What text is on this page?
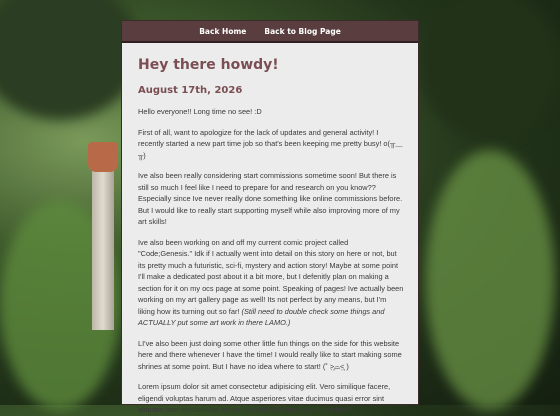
Back Home Back to Blog Page
Hey there howdy!
August 17th, 2026

Hello everyone!! Long time no see! :D

First of all, want to apologize for the lack of updates and general activity! I recently started a new part time job so that's been keeping me pretty busy! o(╥﹏╥)

Ive also been really considering start commissions sometime soon! But there is still so much I feel like I need to prepare for and research on you know?? Especially since Ive never really done something like online commissions before. But I would like to really start supporting myself while also improving more of my art skills!

Ive also been working on and off my current comic project called "Code;Genesis." Idk if I actually went into detail on this story on here or not, but its pretty much a futuristic, sci-fi, mystery and action story! Maybe at some point I'll make a dedicated post about it a bit more, but I defenitly plan on making a section for it on my ocs page at some point. Speaking of pages! Ive actually been working on my art gallery page as well! Its not perfect by any means, but I'm liking how its turning out so far! (Still need to double check some things and ACTUALLY put some art work in there LAMO.)

LI've also been just doing some other little fun things on the side for this website here and there whenever I have the time! I would really like to start making some shrines at some point. But I have no idea where to start! (˚ ˃̣̣̥⌓˂̣̣̥ )

Lorem ipsum dolor sit amet consectetur adipisicing elit. Vero similique facere, eligendi voluptas harum ad. Atque asperiores vitae ducimus quasi error sint aliquam non recusandae minus mollitia! Dolorum, quam incidunt?
